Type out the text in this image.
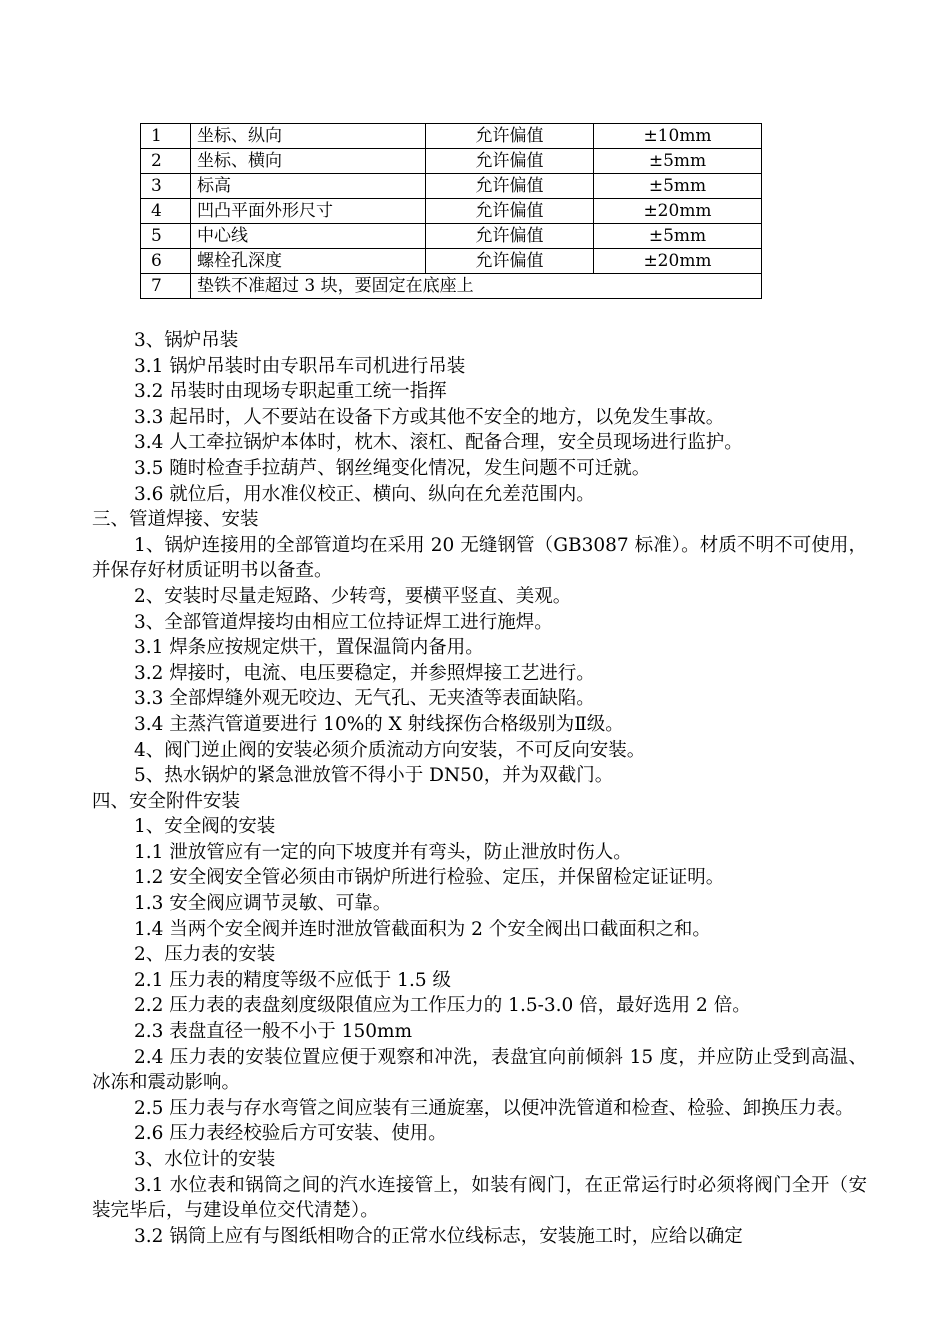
1	坐标、纵向	允许偏值	±10mm
2	坐标、横向	允许偏值	±5mm
3	标高	允许偏值	±5mm
4	凹凸平面外形尺寸	允许偏值	±20mm
5	中心线	允许偏值	±5mm
6	螺栓孔深度	允许偏值	±20mm
7	垫铁不准超过 3 块，要固定在底座上		

3、锅炉吊装

3.1 锅炉吊装时由专职吊车司机进行吊装

3.2 吊装时由现场专职起重工统一指挥

3.3 起吊时，人不要站在设备下方或其他不安全的地方，以免发生事故。

3.4 人工牵拉锅炉本体时，枕木、滚杠、配备合理，安全员现场进行监护。

3.5 随时检查手拉葫芦、钢丝绳变化情况，发生问题不可迁就。

3.6 就位后，用水准仪校正、横向、纵向在允差范围内。

三、管道焊接、安装

1、锅炉连接用的全部管道均在采用 20 无缝钢管（GB3087 标准）。材质不明不可使用，并保存好材质证明书以备查。

2、安装时尽量走短路、少转弯，要横平竖直、美观。

3、全部管道焊接均由相应工位持证焊工进行施焊。

3.1 焊条应按规定烘干，置保温筒内备用。

3.2 焊接时，电流、电压要稳定，并参照焊接工艺进行。

3.3 全部焊缝外观无咬边、无气孔、无夹渣等表面缺陷。

3.4 主蒸汽管道要进行 10%的 X 射线探伤合格级别为Ⅱ级。

4、阀门逆止阀的安装必须介质流动方向安装，不可反向安装。

5、热水锅炉的紧急泄放管不得小于 DN50，并为双截门。

四、安全附件安装

1、安全阀的安装

1.1 泄放管应有一定的向下坡度并有弯头，防止泄放时伤人。

1.2 安全阀安全管必须由市锅炉所进行检验、定压，并保留检定证证明。

1.3 安全阀应调节灵敏、可靠。

1.4 当两个安全阀并连时泄放管截面积为 2 个安全阀出口截面积之和。

2、压力表的安装

2.1 压力表的精度等级不应低于 1.5 级

2.2 压力表的表盘刻度级限值应为工作压力的 1.5-3.0 倍，最好选用 2 倍。

2.3 表盘直径一般不小于 150mm

2.4 压力表的安装位置应便于观察和冲洗，表盘宜向前倾斜 15 度，并应防止受到高温、冰冻和震动影响。

2.5 压力表与存水弯管之间应装有三通旋塞，以便冲洗管道和检查、检验、卸换压力表。

2.6 压力表经校验后方可安装、使用。

3、水位计的安装

3.1 水位表和锅筒之间的汽水连接管上，如装有阀门，在正常运行时必须将阀门全开（安装完毕后，与建设单位交代清楚）。

3.2 锅筒上应有与图纸相吻合的正常水位线标志，安装施工时，应给以确定
